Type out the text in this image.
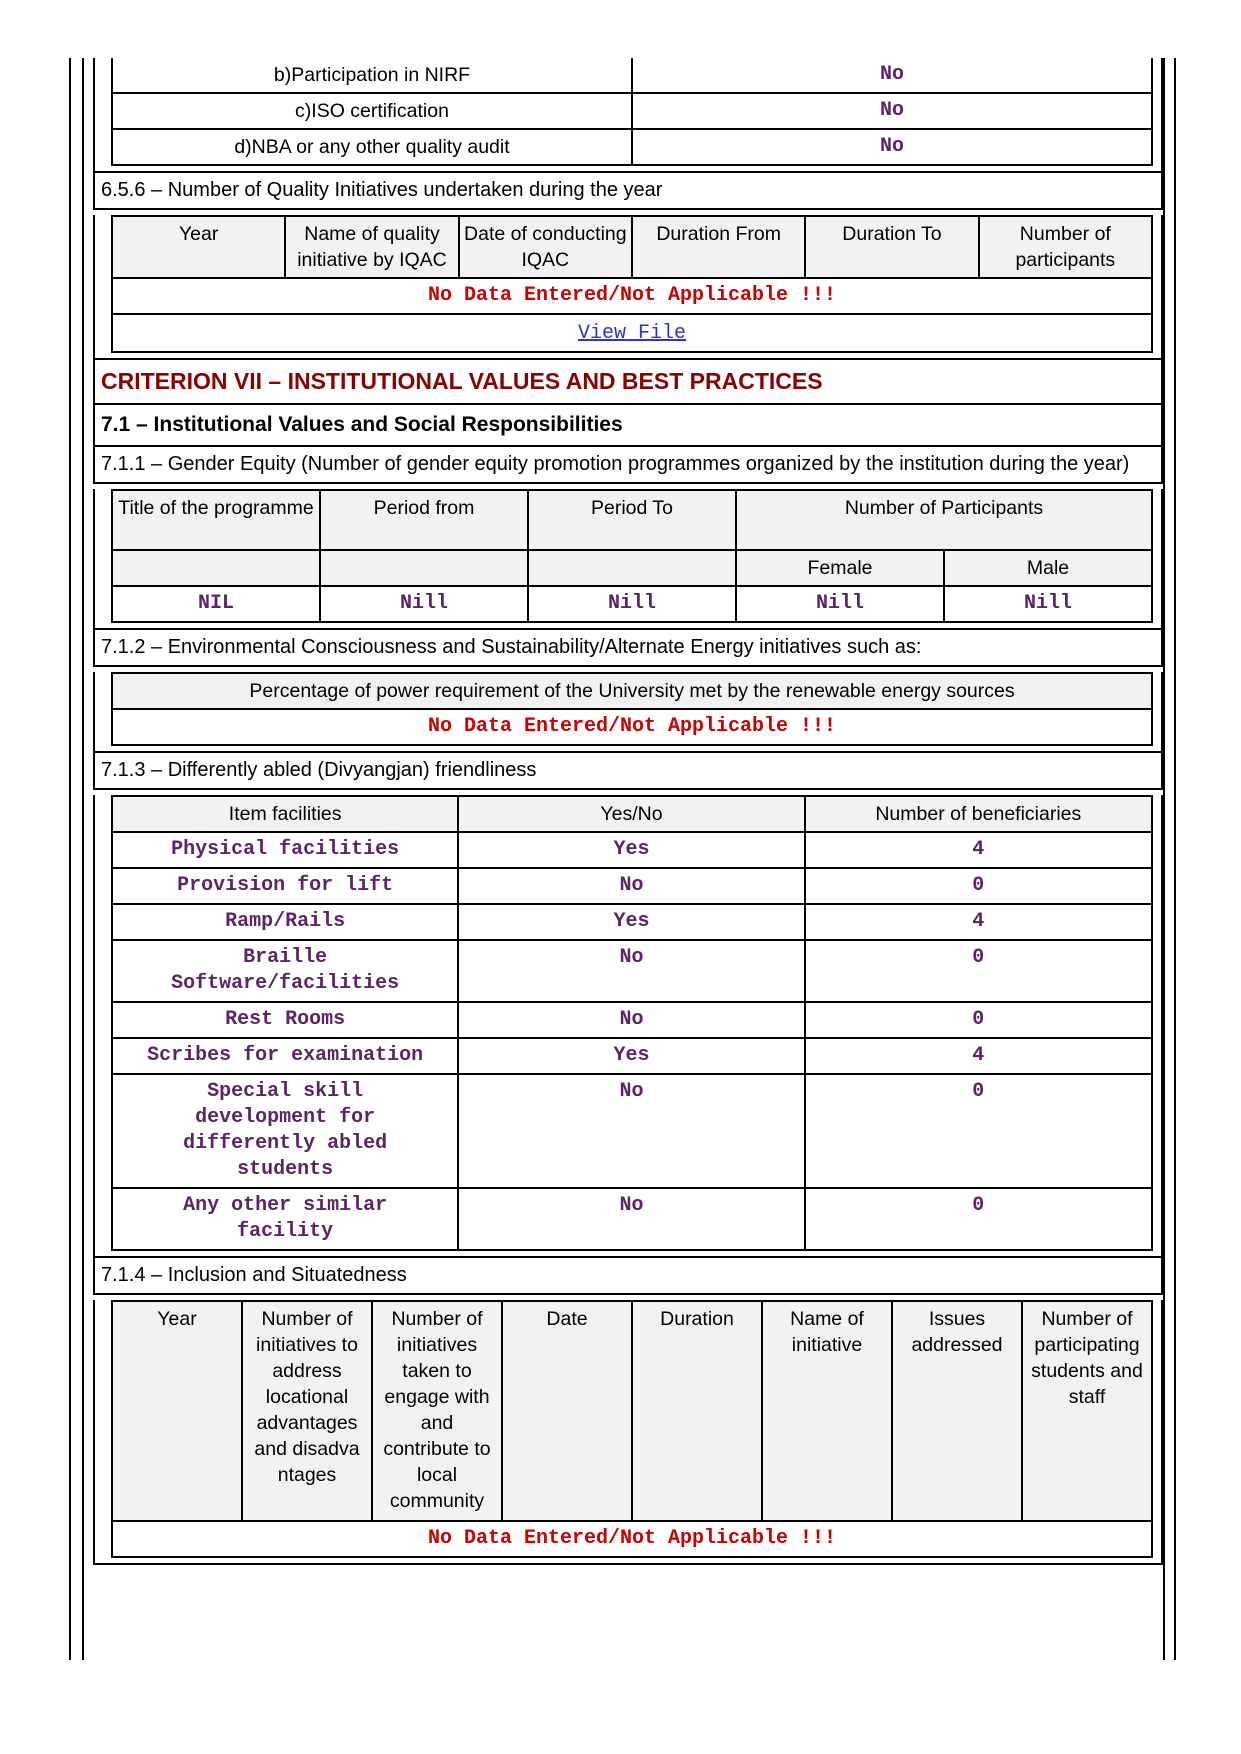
b)Participation in NIRF	No
c)ISO certification	No
d)NBA or any other quality audit	No
6.5.6 – Number of Quality Initiatives undertaken during the year
Year	Name of quality initiative by IQAC	Date of conducting IQAC	Duration From	Duration To	Number of participants
No Data Entered/Not Applicable !!!
View File
CRITERION VII – INSTITUTIONAL VALUES AND BEST PRACTICES
7.1 – Institutional Values and Social Responsibilities
7.1.1 – Gender Equity (Number of gender equity promotion programmes organized by the institution during the year)
Title of the programme	Period from	Period To	Number of Participants	
			Female	Male
NIL	Nill	Nill	Nill	Nill
7.1.2 – Environmental Consciousness and Sustainability/Alternate Energy initiatives such as:
Percentage of power requirement of the University met by the renewable energy sources
No Data Entered/Not Applicable !!!
7.1.3 – Differently abled (Divyangjan) friendliness
Item facilities	Yes/No	Number of beneficiaries
Physical facilities	Yes	4
Provision for lift	No	0
Ramp/Rails	Yes	4
Braille Software/facilities	No	0
Rest Rooms	No	0
Scribes for examination	Yes	4
Special skill development for differently abled students	No	0
Any other similar facility	No	0
7.1.4 – Inclusion and Situatedness
Year	Number of initiatives to address locational advantages and disadva ntages	Number of initiatives taken to engage with and contribute to local community	Date	Duration	Name of initiative	Issues addressed	Number of participating students and staff
No Data Entered/Not Applicable !!!
